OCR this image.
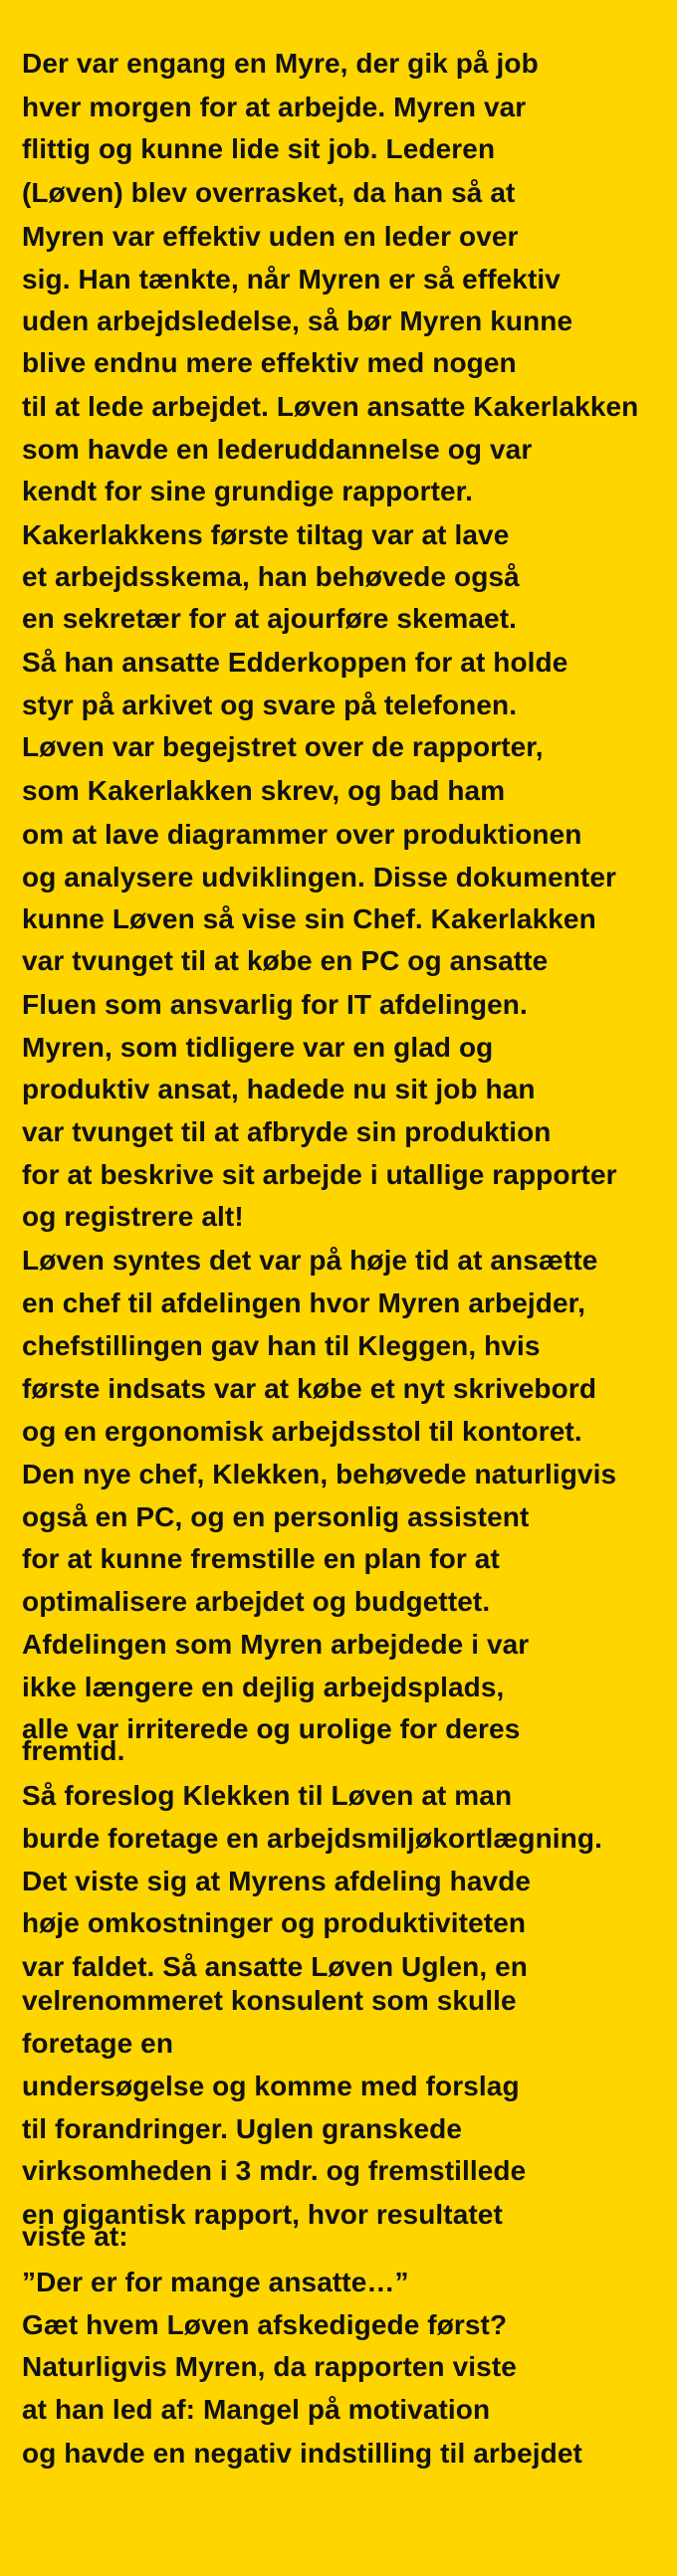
Der var engang en Myre, der gik på job

hver morgen for at arbejde. Myren var

flittig og kunne lide sit job. Lederen

(Løven) blev overrasket, da han så at

Myren var effektiv uden en leder over

sig. Han tænkte, når Myren er så effektiv

uden arbejdsledelse, så bør Myren kunne

blive endnu mere effektiv med nogen

til at lede arbejdet. Løven ansatte Kakerlakken

som havde en lederuddannelse og var

kendt for sine grundige rapporter.

Kakerlakkens første tiltag var at lave

et arbejdsskema, han behøvede også

en sekretær for at ajourføre skemaet.

Så han ansatte Edderkoppen for at holde

styr på arkivet og svare på telefonen.

Løven var begejstret over de rapporter,

som Kakerlakken skrev, og bad ham

om at lave diagrammer over produktionen

og analysere udviklingen. Disse dokumenter

kunne Løven så vise sin Chef. Kakerlakken

var tvunget til at købe en PC og ansatte

Fluen som ansvarlig for IT afdelingen.

Myren, som tidligere var en glad og

produktiv ansat, hadede nu sit job han

var tvunget til at afbryde sin produktion

for at beskrive sit arbejde i utallige rapporter

og registrere alt!

Løven syntes det var på høje tid at ansætte

en chef til afdelingen hvor Myren arbejder,

chefstillingen gav han til Kleggen, hvis

første indsats var at købe et nyt skrivebord

og en ergonomisk arbejdsstol til kontoret.

Den nye chef, Klekken, behøvede naturligvis

også en PC, og en personlig assistent

for at kunne fremstille en plan for at

optimalisere arbejdet og budgettet.

Afdelingen som Myren arbejdede i var

ikke længere en dejlig arbejdsplads,

alle var irriterede og urolige for deres

fremtid.

Så foreslog Klekken til Løven at man

burde foretage en arbejdsmiljøkortlægning.

Det viste sig at Myrens afdeling havde

høje omkostninger og produktiviteten

var faldet. Så ansatte Løven Uglen, en

velrenommeret konsulent som skulle

foretage en

undersøgelse og komme med forslag

til forandringer. Uglen granskede

virksomheden i 3 mdr. og fremstillede

en gigantisk rapport, hvor resultatet

viste at:

”Der er for mange ansatte…”

Gæt hvem Løven afskedigede først?

Naturligvis Myren, da rapporten viste

at han led af: Mangel på motivation

og havde en negativ indstilling til arbejdet
